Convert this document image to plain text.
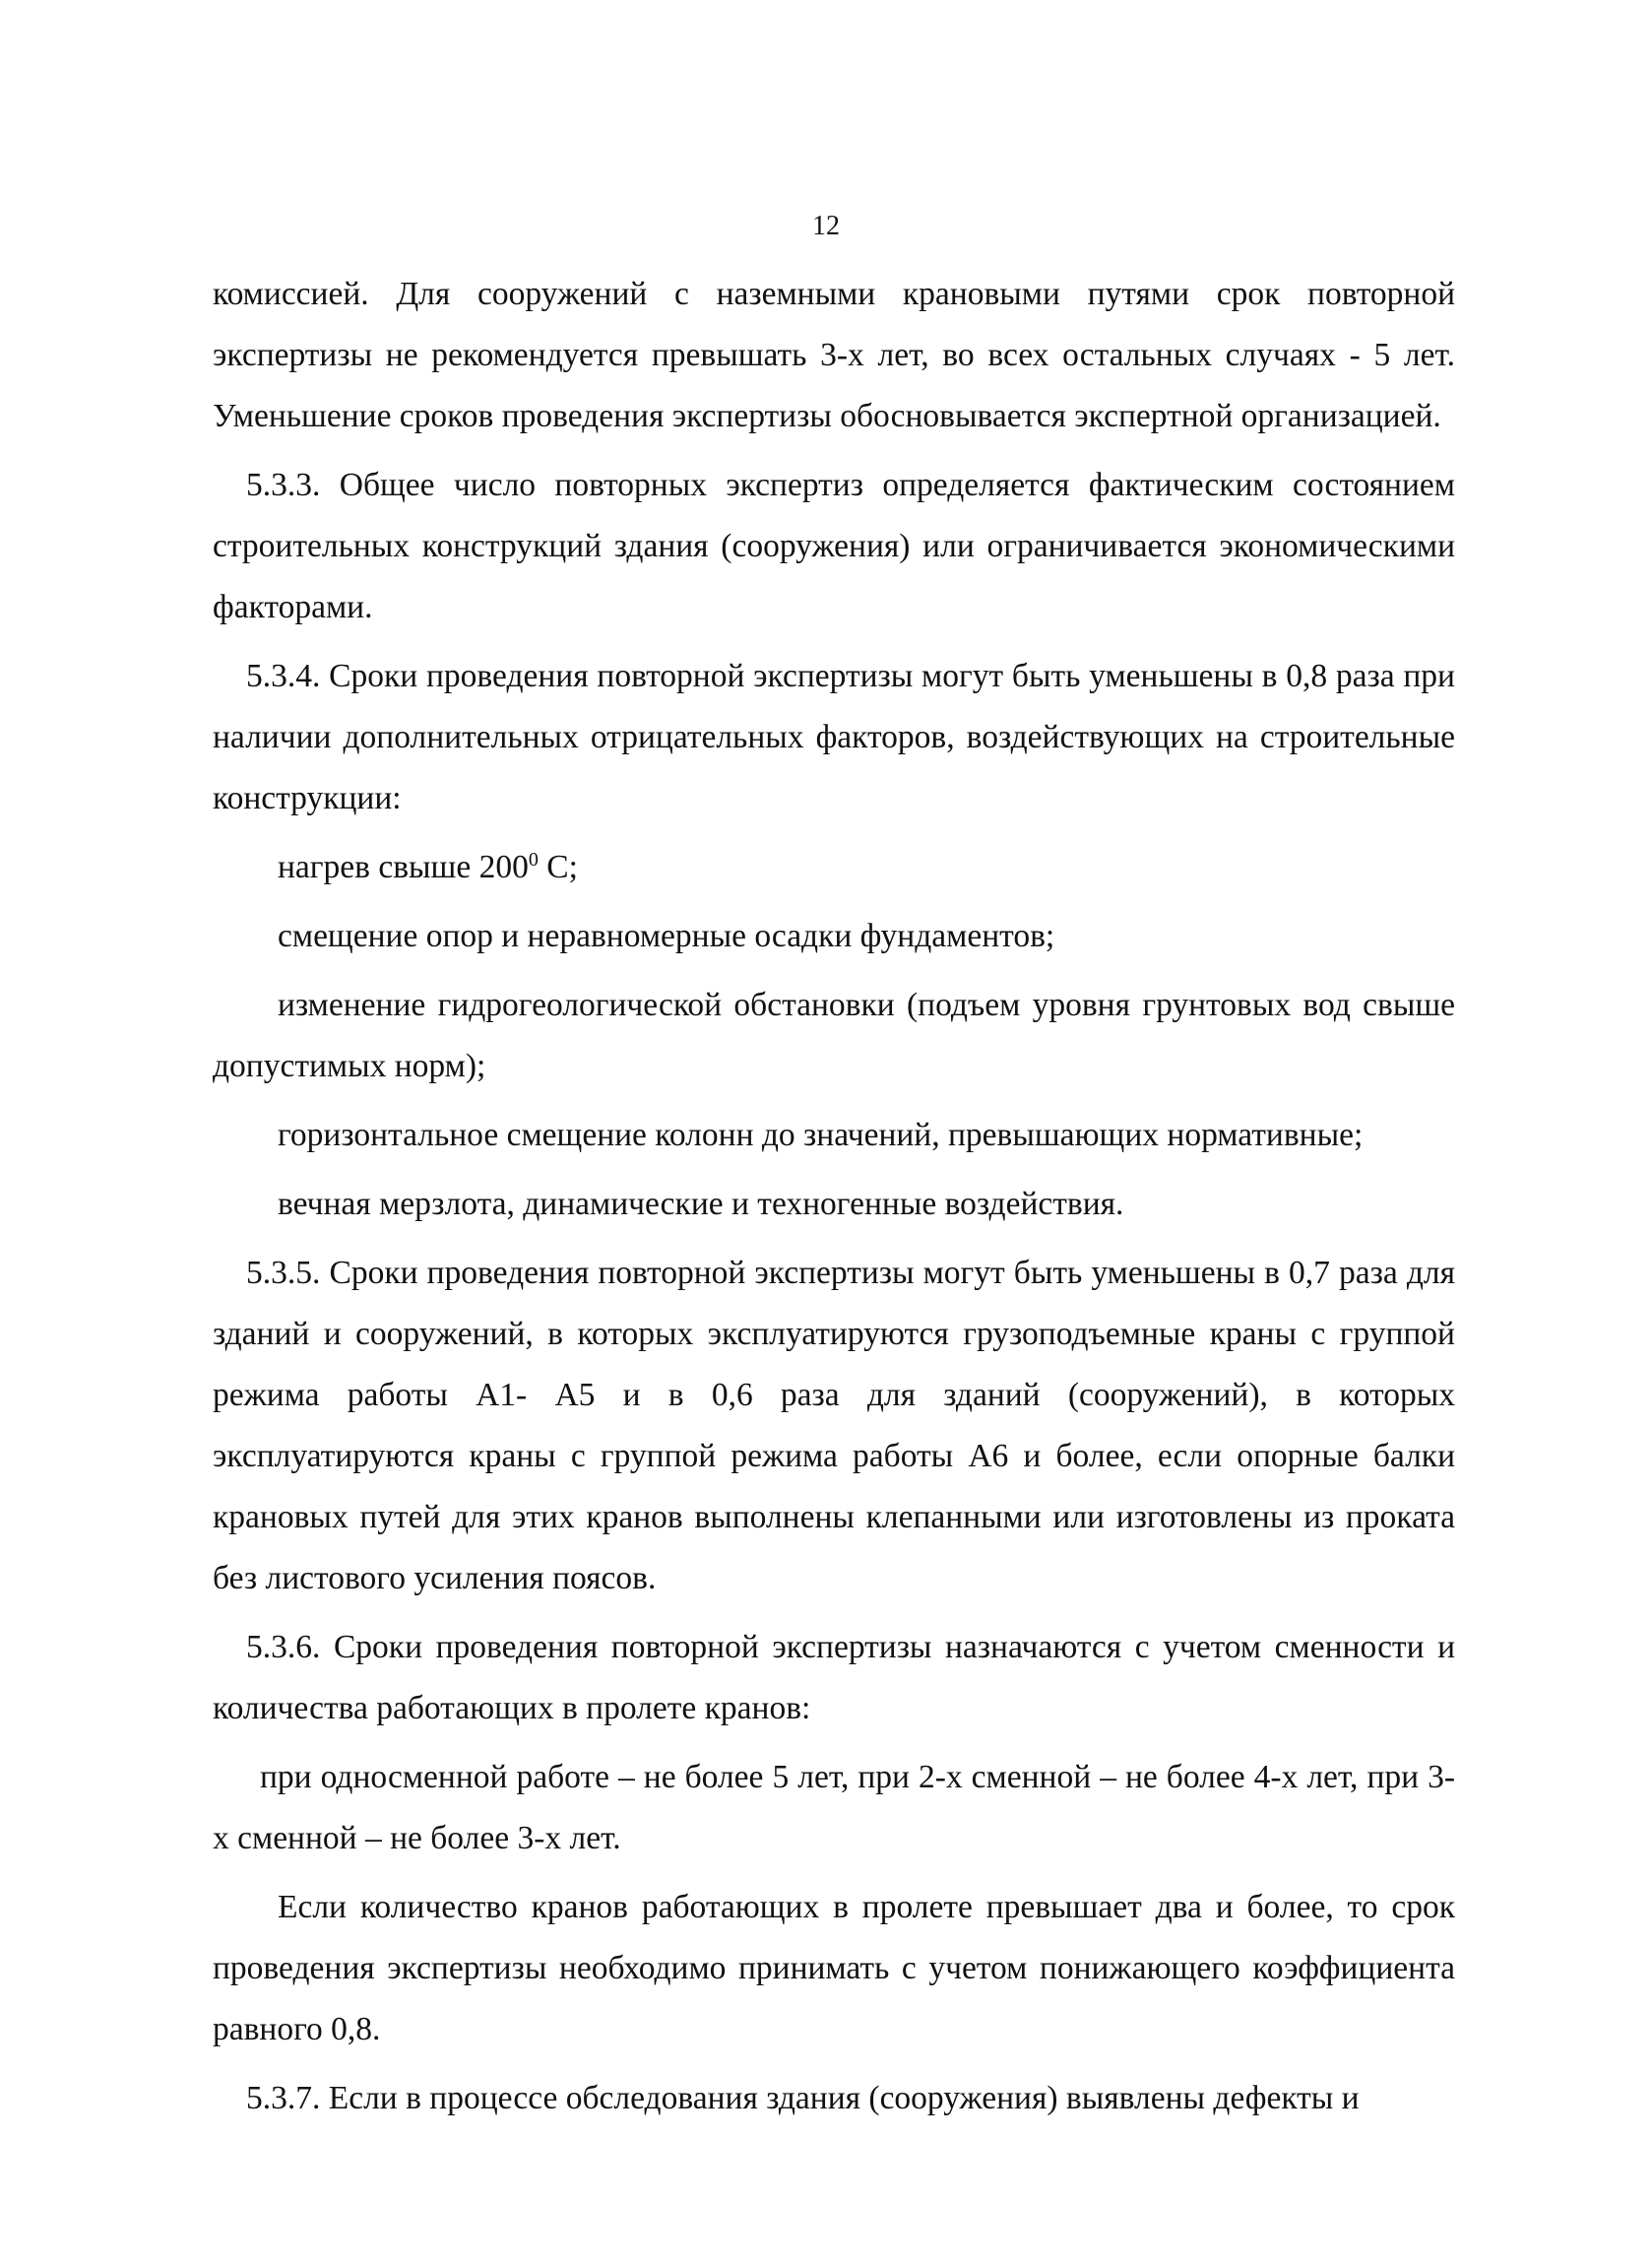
12

комиссией. Для сооружений с наземными крановыми путями срок повторной экспертизы не рекомендуется превышать 3-х лет, во всех остальных случаях - 5 лет. Уменьшение сроков проведения экспертизы обосновывается экспертной организацией.

5.3.3. Общее число повторных экспертиз определяется фактическим состоянием строительных конструкций здания (сооружения) или ограничивается экономическими факторами.

5.3.4. Сроки проведения повторной экспертизы могут быть уменьшены в 0,8 раза при наличии дополнительных отрицательных факторов, воздействующих на строительные конструкции:

нагрев свыше $200^0$ С;

смещение опор и неравномерные осадки фундаментов;

изменение гидрогеологической обстановки (подъем уровня грунтовых вод свыше допустимых норм);

горизонтальное смещение колонн до значений, превышающих нормативные;

вечная мерзлота, динамические и техногенные воздействия.

5.3.5. Сроки проведения повторной экспертизы могут быть уменьшены в 0,7 раза для зданий и сооружений, в которых эксплуатируются грузоподъемные краны с группой режима работы А1- А5 и в 0,6 раза для зданий (сооружений), в которых эксплуатируются краны с группой режима работы А6 и более, если опорные балки крановых путей для этих кранов выполнены клепанными или изготовлены из проката без листового усиления поясов.

5.3.6. Сроки проведения повторной экспертизы назначаются с учетом сменности и количества работающих в пролете кранов:

при односменной работе – не более 5 лет, при 2-х сменной – не более 4-х лет, при 3-х сменной – не более 3-х лет.

Если количество кранов работающих в пролете превышает два и более, то срок проведения экспертизы необходимо принимать с учетом понижающего коэффициента равного 0,8.

5.3.7. Если в процессе обследования здания (сооружения) выявлены дефекты и
